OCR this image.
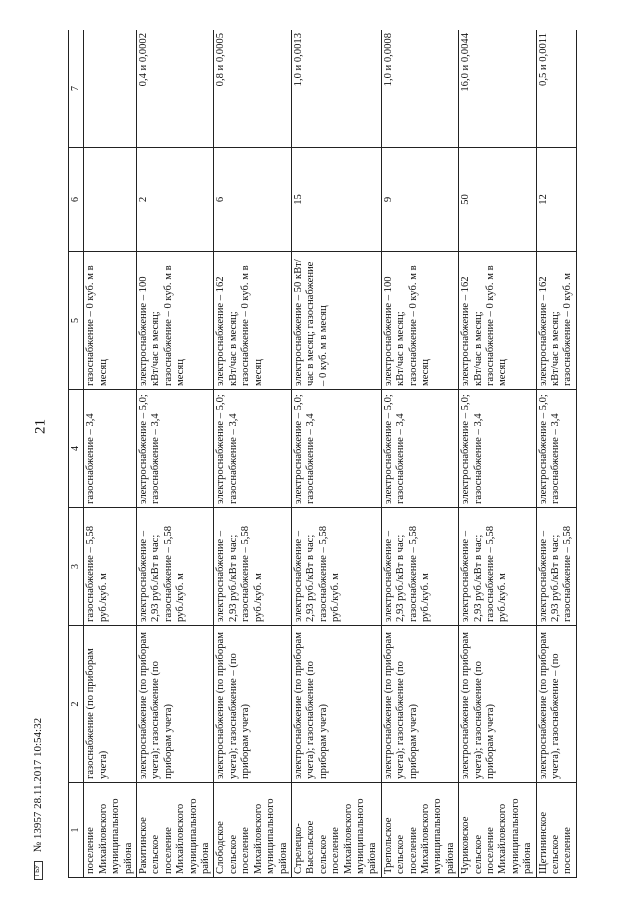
21
1	2	3	4	5	6	7
поселение Михайловского муниципального района	газоснабжение (по приборам учета)	газоснабжение – 5,58 руб./куб. м	газоснабжение – 3,4	газоснабжение – 0 куб. м в месяц		
Ракитинское сельское поселение Михайловского муниципального района	электроснабжение (по приборам учета); газоснабжение (по приборам учета)	электроснабжение – 2,93 руб./кВт в час; газоснабжение – 5,58 руб./куб. м	электроснабжение – 5,0; газоснабжение – 3,4	электроснабжение – 100 кВт/час в месяц; газоснабжение – 0 куб. м в месяц	2	0,4 и 0,0002
Слободское сельское поселение Михайловского муниципального района	электроснабжение (по приборам учета); газоснабжение – (по приборам учета)	электроснабжение – 2,93 руб./кВт в час; газоснабжение – 5,58 руб./куб. м	электроснабжение – 5,0; газоснабжение – 3,4	электроснабжение – 162 кВт/час в месяц; газоснабжение – 0 куб. м в месяц	6	0,8 и 0,0005
Стрелецко-Высельское сельское поселение Михайловского муниципального района	электроснабжение (по приборам учета); газоснабжение (по приборам учета)	электроснабжение – 2,93 руб./кВт в час; газоснабжение – 5,58 руб./куб. м	электроснабжение – 5,0; газоснабжение – 3,4	электроснабжение – 50 кВт/час в месяц; газоснабжение – 0 куб. м в месяц	15	1,0 и 0,0013
Трепольское сельское поселение Михайловского муниципального района	электроснабжение (по приборам учета); газоснабжение (по приборам учета)	электроснабжение – 2,93 руб./кВт в час; газоснабжение – 5,58 руб./куб. м	электроснабжение – 5,0; газоснабжение – 3,4	электроснабжение – 100 кВт/час в месяц; газоснабжение – 0 куб. м в месяц	9	1,0 и 0,0008
Чуриковское сельское поселение Михайловского муниципального района	электроснабжение (по приборам учета); газоснабжение (по приборам учета)	электроснабжение – 2,93 руб./кВт в час; газоснабжение – 5,58 руб./куб. м	электроснабжение – 5,0; газоснабжение – 3,4	электроснабжение – 162 кВт/час в месяц; газоснабжение – 0 куб. м в месяц	50	16,0 и 0,0044
Щетининское сельское поселение	электроснабжение (по приборам учета), газоснабжение – (по	электроснабжение – 2,93 руб./кВт в час; газоснабжение – 5,58	электроснабжение – 5,0; газоснабжение – 3,4	электроснабжение – 162 кВт/час в месяц; газоснабжение – 0 куб. м	12	0,5 и 0,0011
ГБУ № 13957 28.11.2017 10:54:32
